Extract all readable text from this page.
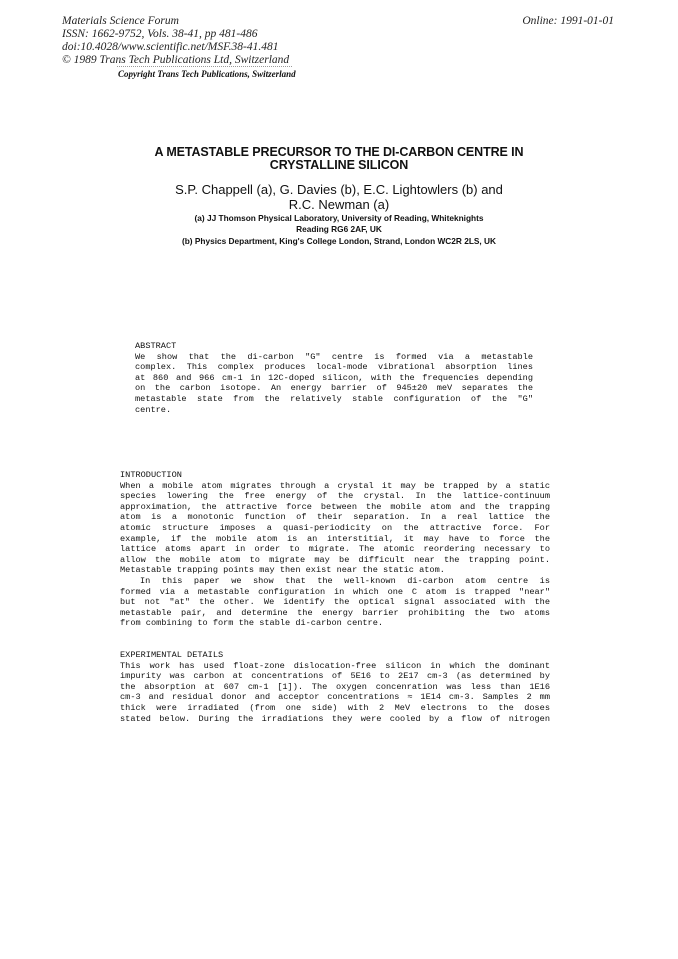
Materials Science Forum
ISSN: 1662-9752, Vols. 38-41, pp 481-486
doi:10.4028/www.scientific.net/MSF.38-41.481
© 1989 Trans Tech Publications Ltd, Switzerland
Online: 1991-01-01
Copyright Trans Tech Publications, Switzerland
A METASTABLE PRECURSOR TO THE DI-CARBON CENTRE IN
CRYSTALLINE SILICON
S.P. Chappell (a), G. Davies (b), E.C. Lightowlers (b) and
R.C. Newman (a)
(a) JJ Thomson Physical Laboratory, University of Reading, Whiteknights
Reading RG6 2AF, UK
(b) Physics Department, King's College London, Strand, London WC2R 2LS, UK
ABSTRACT
We show that the di-carbon "G" centre is formed via a metastable
complex. This complex produces local-mode vibrational absorption lines
at 860 and 966 cm-1 in 12C-doped silicon, with the frequencies depending
on the carbon isotope. An energy barrier of 945±20 meV separates the
metastable state from the relatively stable configuration of the "G"
centre.
INTRODUCTION
When a mobile atom migrates through a crystal it may be trapped by a static
species lowering the free energy of the crystal. In the lattice-continuum
approximation, the attractive force between the mobile atom and the trapping
atom is a monotonic function of their separation. In a real lattice the
atomic structure imposes a quasi-periodicity on the attractive force. For
example, if the mobile atom is an interstitial, it may have to force the
lattice atoms apart in order to migrate. The atomic reordering necessary to
allow the mobile atom to migrate may be difficult near the trapping point.
Metastable trapping points may then exist near the static atom.
In this paper we show that the well-known di-carbon atom centre is
formed via a metastable configuration in which one C atom is trapped "near"
but not "at" the other. We identify the optical signal associated with the
metastable pair, and determine the energy barrier prohibiting the two atoms
from combining to form the stable di-carbon centre.
EXPERIMENTAL DETAILS
This work has used float-zone dislocation-free silicon in which the dominant
impurity was carbon at concentrations of 5E16 to 2E17 cm-3 (as determined by
the absorption at 607 cm-1 [1]). The oxygen concenration was less than 1E16
cm-3 and residual donor and acceptor concentrations ≈ 1E14 cm-3. Samples 2 mm
thick were irradiated (from one side) with 2 MeV electrons to the doses
stated below. During the irradiations they were cooled by a flow of nitrogen
